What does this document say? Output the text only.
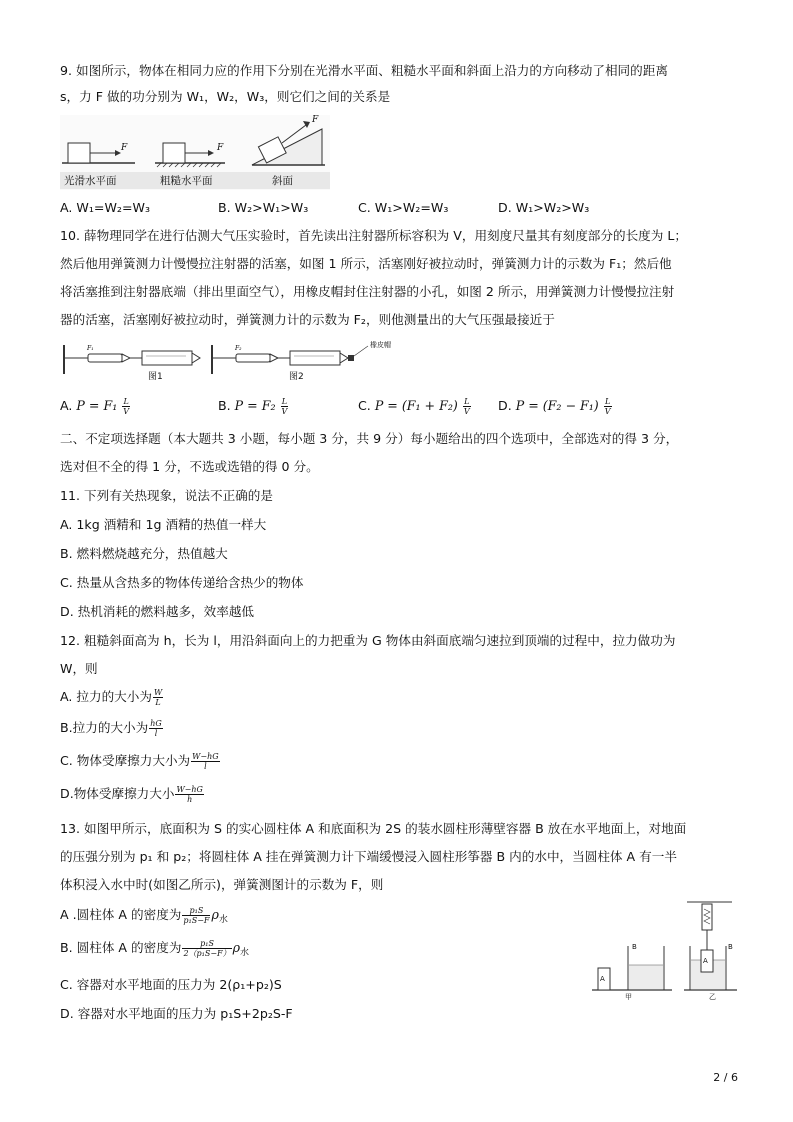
9. 如图所示，物体在相同力应的作用下分别在光滑水平面、粗糙水平面和斜面上沿力的方向移动了相同的距离
s，力 F 做的功分别为 W₁，W₂，W₃，则它们之间的关系是
F	F
F
光滑水平面	粗糙水平面	斜面
A. W₁=W₂=W₃	B. W₂>W₁>W₃	C. W₁>W₂=W₃	D. W₁>W₂>W₃
10. 薛物理同学在进行估测大气压实验时，首先读出注射器所标容积为 V，用刻度尺量其有刻度部分的长度为 L；
然后他用弹簧测力计慢慢拉注射器的活塞，如图 1 所示，活塞刚好被拉动时，弹簧测力计的示数为 F₁；然后他
将活塞推到注射器底端（排出里面空气），用橡皮帽封住注射器的小孔，如图 2 所示，用弹簧测力计慢慢拉注射
器的活塞，活塞刚好被拉动时，弹簧测力计的示数为 F₂，则他测量出的大气压强最接近于
F₁	F₂
图1	图2
橡皮帽
A. $P = F_1 \frac{L}{V}$	B. $P = F_2 \frac{L}{V}$	C. $P = (F_1 + F_2) \frac{L}{V} D$. $P = (F_2 - F_1) \frac{L}{V}$
二、不定项选择题（本大题共 3 小题，每小题 3 分，共 9 分）每小题给出的四个选项中，全部选对的得 3 分，
选对但不全的得 1 分，不选或选错的得 0 分。
11. 下列有关热现象，说法不正确的是
A. 1kg 酒精和 1g 酒精的热值一样大
B. 燃料燃烧越充分，热值越大
C. 热量从含热多的物体传递给含热少的物体
D. 热机消耗的燃料越多，效率越低
12. 粗糙斜面高为 h，长为 l，用沿斜面向上的力把重为 G 物体由斜面底端匀速拉到顶端的过程中，拉力做功为
W，则
A. 拉力的大小为 $\frac{W}{L}$
B.拉力的大小为 $\frac{hG}{l}$
C. 物体受摩擦力大小为 $\frac{W-hG}{l}$
D.物体受摩擦力大小 $\frac{W-hG}{h}$
13. 如图甲所示，底面积为 S 的实心圆柱体 A 和底面积为 2S 的装水圆柱形薄壁容器 B 放在水平地面上，对地面
的压强分别为 p₁ 和 p₂；将圆柱体 A 挂在弹簧测力计下端缓慢浸入圆柱形筝器 B 内的水中，当圆柱体 A 有一半
体积浸入水中时(如图乙所示)，弹簧测图计的示数为 F，则
A .圆柱体 A 的密度为 $\frac{\text{p₁S}}{\text{p₁S−F}} \rho_水$
B. 圆柱体 A 的密度为 $\frac{\text{p₁S}}{\text{2（p₁S−F）}} \rho_水$
C. 容器对水平地面的压力为 2(ρ₁+p₂)S
D. 容器对水平地面的压力为 p₁S+2p₂S-F
A
B
A
B
甲	乙
2 / 6
